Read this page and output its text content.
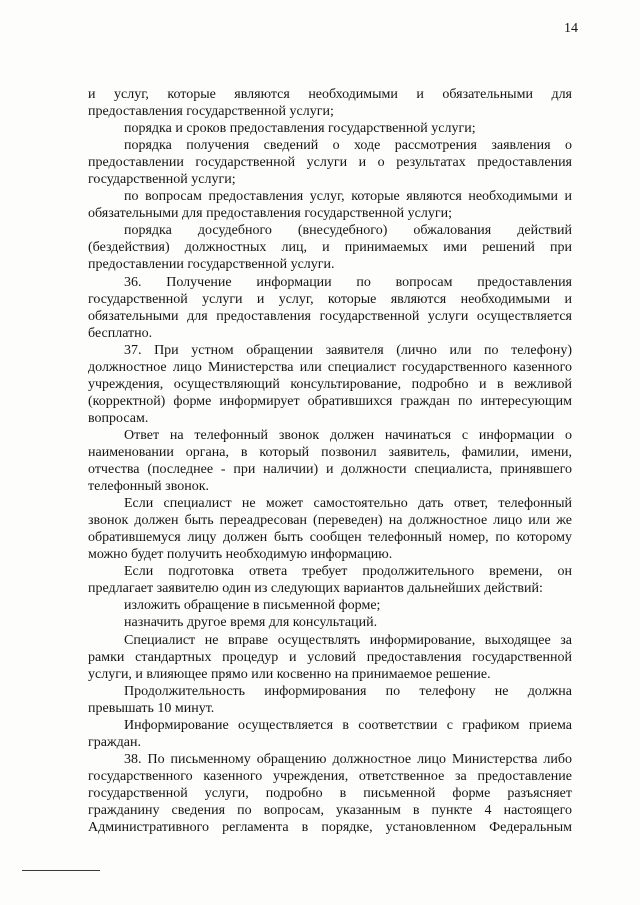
14
и услуг, которые являются необходимыми и обязательными для
предоставления государственной услуги;
порядка и сроков предоставления государственной услуги;
порядка получения сведений о ходе рассмотрения заявления о
предоставлении государственной услуги и о результатах предоставления
государственной услуги;
по вопросам предоставления услуг, которые являются необходимыми и
обязательными для предоставления государственной услуги;
порядка досудебного (внесудебного) обжалования действий
(бездействия) должностных лиц, и принимаемых ими решений при
предоставлении государственной услуги.
36. Получение информации по вопросам предоставления
государственной услуги и услуг, которые являются необходимыми и
обязательными для предоставления государственной услуги осуществляется
бесплатно.
37. При устном обращении заявителя (лично или по телефону)
должностное лицо Министерства или специалист государственного казенного
учреждения, осуществляющий консультирование, подробно и в вежливой
(корректной) форме информирует обратившихся граждан по интересующим
вопросам.
Ответ на телефонный звонок должен начинаться с информации о
наименовании органа, в который позвонил заявитель, фамилии, имени,
отчества (последнее - при наличии) и должности специалиста, принявшего
телефонный звонок.
Если специалист не может самостоятельно дать ответ, телефонный
звонок должен быть переадресован (переведен) на должностное лицо или же
обратившемуся лицу должен быть сообщен телефонный номер, по которому
можно будет получить необходимую информацию.
Если подготовка ответа требует продолжительного времени, он
предлагает заявителю один из следующих вариантов дальнейших действий:
изложить обращение в письменной форме;
назначить другое время для консультаций.
Специалист не вправе осуществлять информирование, выходящее за
рамки стандартных процедур и условий предоставления государственной
услуги, и влияющее прямо или косвенно на принимаемое решение.
Продолжительность информирования по телефону не должна
превышать 10 минут.
Информирование осуществляется в соответствии с графиком приема
граждан.
38. По письменному обращению должностное лицо Министерства либо
государственного казенного учреждения, ответственное за предоставление
государственной услуги, подробно в письменной форме разъясняет
гражданину сведения по вопросам, указанным в пункте 4 настоящего
Административного регламента в порядке, установленном Федеральным
